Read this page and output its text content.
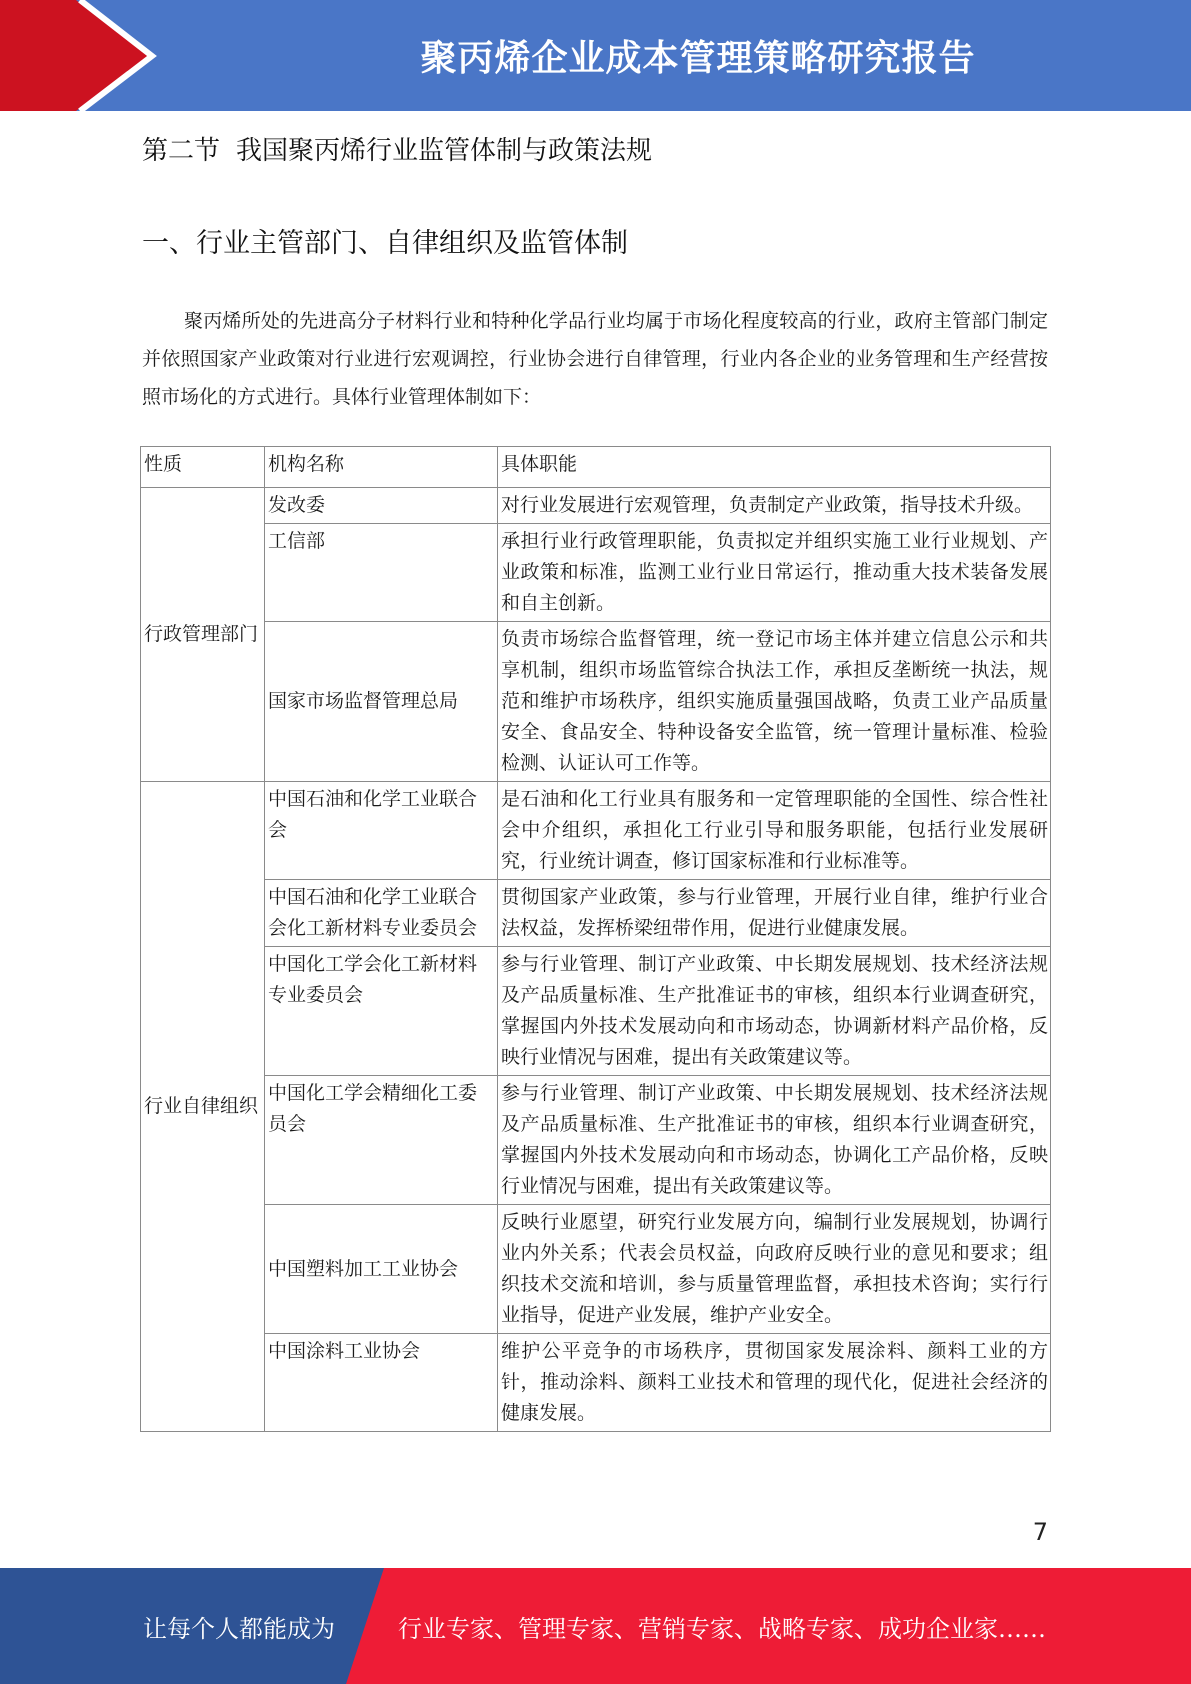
聚丙烯企业成本管理策略研究报告
第二节 我国聚丙烯行业监管体制与政策法规
一、行业主管部门、自律组织及监管体制

聚丙烯所处的先进高分子材料行业和特种化学品行业均属于市场化程度较高的行业，政府主管部门制定并依照国家产业政策对行业进行宏观调控，行业协会进行自律管理，行业内各企业的业务管理和生产经营按照市场化的方式进行。具体行业管理体制如下：

性质	机构名称	具体职能
行政管理部门	发改委	对行业发展进行宏观管理，负责制定产业政策，指导技术升级。
	工信部	承担行业行政管理职能，负责拟定并组织实施工业行业规划、产业政策和标准，监测工业行业日常运行，推动重大技术装备发展和自主创新。
	国家市场监督管理总局	负责市场综合监督管理，统一登记市场主体并建立信息公示和共享机制，组织市场监管综合执法工作，承担反垄断统一执法，规范和维护市场秩序，组织实施质量强国战略，负责工业产品质量安全、食品安全、特种设备安全监管，统一管理计量标准、检验检测、认证认可工作等。
行业自律组织	中国石油和化学工业联合会	是石油和化工行业具有服务和一定管理职能的全国性、综合性社会中介组织，承担化工行业引导和服务职能，包括行业发展研究，行业统计调查，修订国家标准和行业标准等。
	中国石油和化学工业联合会化工新材料专业委员会	贯彻国家产业政策，参与行业管理，开展行业自律，维护行业合法权益，发挥桥梁纽带作用，促进行业健康发展。
	中国化工学会化工新材料专业委员会	参与行业管理、制订产业政策、中长期发展规划、技术经济法规及产品质量标准、生产批准证书的审核，组织本行业调查研究，掌握国内外技术发展动向和市场动态，协调新材料产品价格，反映行业情况与困难，提出有关政策建议等。
	中国化工学会精细化工委员会	参与行业管理、制订产业政策、中长期发展规划、技术经济法规及产品质量标准、生产批准证书的审核，组织本行业调查研究，掌握国内外技术发展动向和市场动态，协调化工产品价格，反映行业情况与困难，提出有关政策建议等。
	中国塑料加工工业协会	反映行业愿望，研究行业发展方向，编制行业发展规划，协调行业内外关系；代表会员权益，向政府反映行业的意见和要求；组织技术交流和培训，参与质量管理监督，承担技术咨询；实行行业指导，促进产业发展，维护产业安全。
	中国涂料工业协会	维护公平竞争的市场秩序，贯彻国家发展涂料、颜料工业的方针，推动涂料、颜料工业技术和管理的现代化，促进社会经济的健康发展。
7
让每个人都能成为	行业专家、管理专家、营销专家、战略专家、成功企业家……
